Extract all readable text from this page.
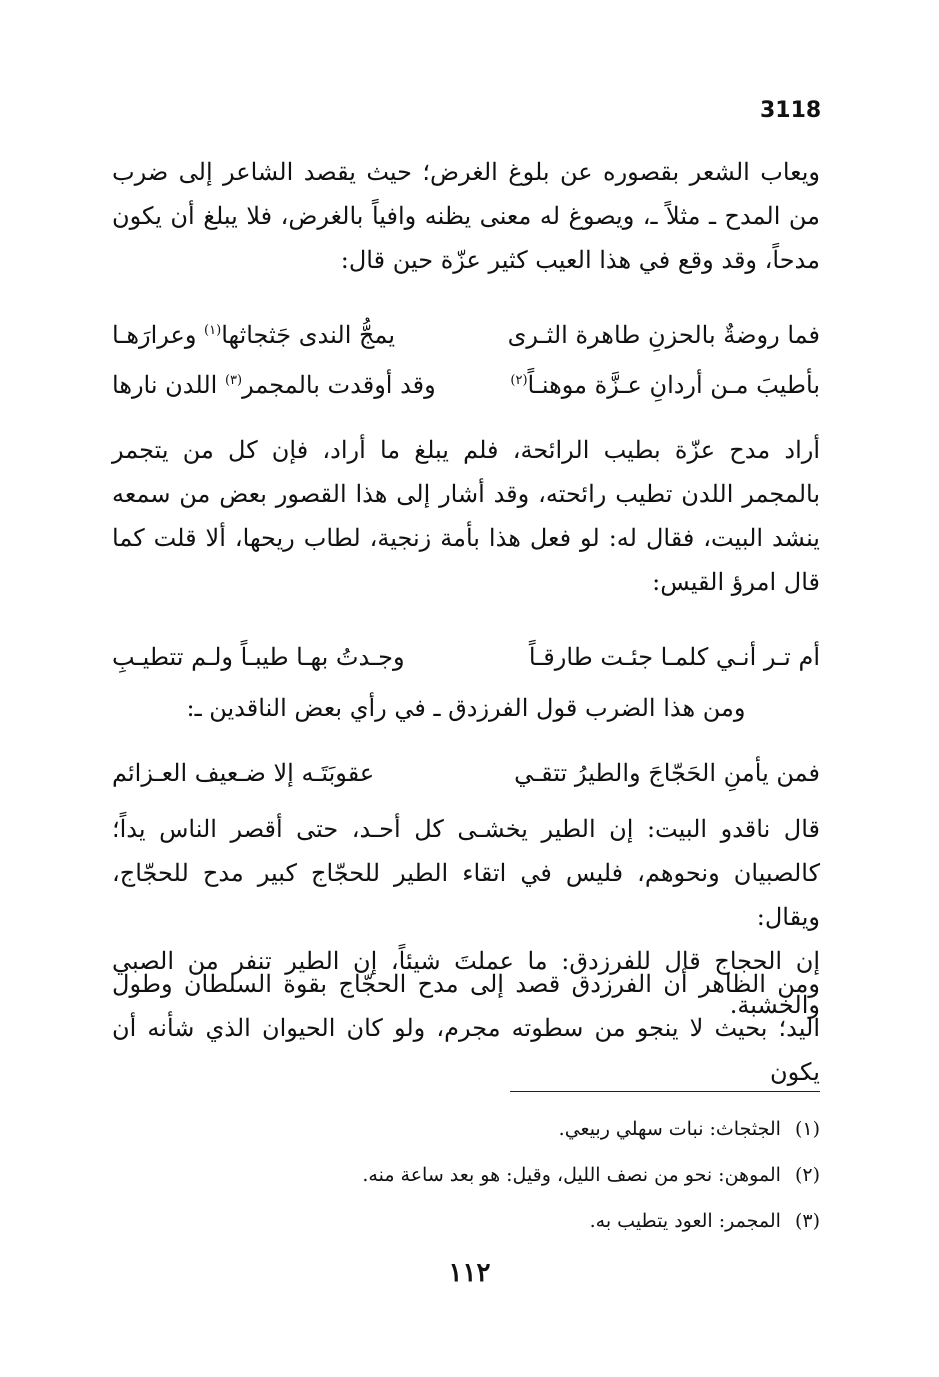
3118

ويعاب الشعر بقصوره عن بلوغ الغرض؛ حيث يقصد الشاعر إلى ضرب
من المدح ـ مثلاً ـ، ويصوغ له معنى يظنه وافياً بالغرض، فلا يبلغ أن يكون
مدحاً، وقد وقع في هذا العيب كثير عزّة حين قال:

فما روضةٌ بالحزنِ طاهرة الثـرى
يمجُّ الندى جَثجاثها$^{(١)}$ وعرارَهـا
بأطيبَ مـن أردانِ عـزَّة موهنـاً$^{(٢)}$
وقد أوقدت بالمجمر$^{(٣)}$ اللدن نارها

أراد مدح عزّة بطيب الرائحة، فلم يبلغ ما أراد، فإن كل من يتجمر
بالمجمر اللدن تطيب رائحته، وقد أشار إلى هذا القصور بعض من سمعه
ينشد البيت، فقال له: لو فعل هذا بأمة زنجية، لطاب ريحها، ألا قلت كما
قال امرؤ القيس:

أم تـر أنـي كلمـا جئـت طارقـاً
وجـدتُ بهـا طيبـاً ولـم تتطيـبِ
ومن هذا الضرب قول الفرزدق ـ في رأي بعض الناقدين ـ:
فمن يأمنِ الحَجّاجَ والطيرُ تتقـي
عقوبَتَـه إلا ضـعيف العـزائم

قال ناقدو البيت: إن الطير يخشـى كل أحـد، حتى أقصر الناس يداً؛
كالصبيان ونحوهم، فليس في اتقاء الطير للحجّاج كبير مدح للحجّاج، ويقال:
إن الحجاج قال للفرزدق: ما عملتَ شيئاً، إن الطير تنفر من الصبي والخشبة.

ومن الظاهر أن الفرزدق قصد إلى مدح الحجّاج بقوة السلطان وطول
اليد؛ بحيث لا ينجو من سطوته مجرم، ولو كان الحيوان الذي شأنه أن يكون

(١)الجثجاث: نبات سهلي ربيعي.
(٢)الموهن: نحو من نصف الليل، وقيل: هو بعد ساعة منه.
(٣)المجمر: العود يتطيب به.
١١٢
